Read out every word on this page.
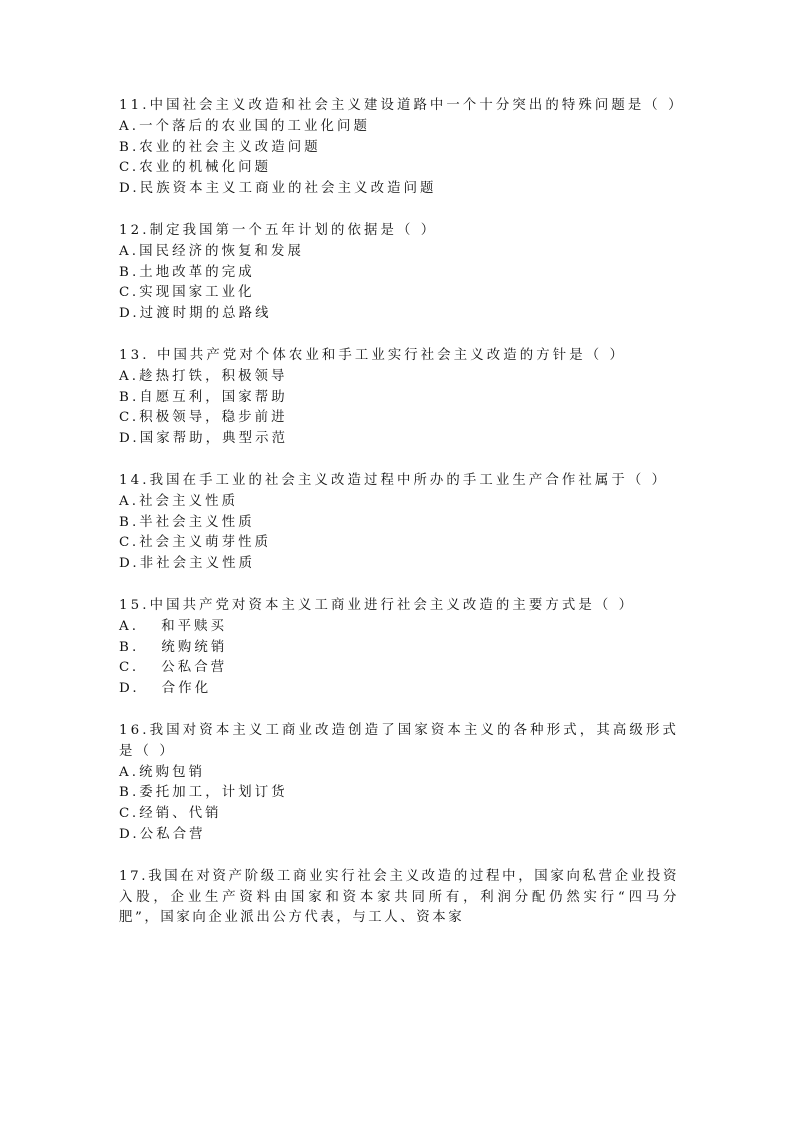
11.中国社会主义改造和社会主义建设道路中一个十分突出的特殊问题是（ ）
A.一个落后的农业国的工业化问题
B.农业的社会主义改造问题
C.农业的机械化问题
D.民族资本主义工商业的社会主义改造问题
12.制定我国第一个五年计划的依据是（ ）
A.国民经济的恢复和发展
B.土地改革的完成
C.实现国家工业化
D.过渡时期的总路线
13. 中国共产党对个体农业和手工业实行社会主义改造的方针是（ ）
A.趁热打铁，积极领导
B.自愿互利，国家帮助
C.积极领导，稳步前进
D.国家帮助，典型示范
14.我国在手工业的社会主义改造过程中所办的手工业生产合作社属于（ ）
A.社会主义性质
B.半社会主义性质
C.社会主义萌芽性质
D.非社会主义性质
15.中国共产党对资本主义工商业进行社会主义改造的主要方式是（ ）
A.   和平赎买
B.   统购统销
C.   公私合营
D.   合作化
16.我国对资本主义工商业改造创造了国家资本主义的各种形式，其高级形式是（ ）
A.统购包销
B.委托加工，计划订货
C.经销、代销
D.公私合营
17.我国在对资产阶级工商业实行社会主义改造的过程中，国家向私营企业投资入股，企业生产资料由国家和资本家共同所有，利润分配仍然实行“四马分肥”，国家向企业派出公方代表，与工人、资本家
